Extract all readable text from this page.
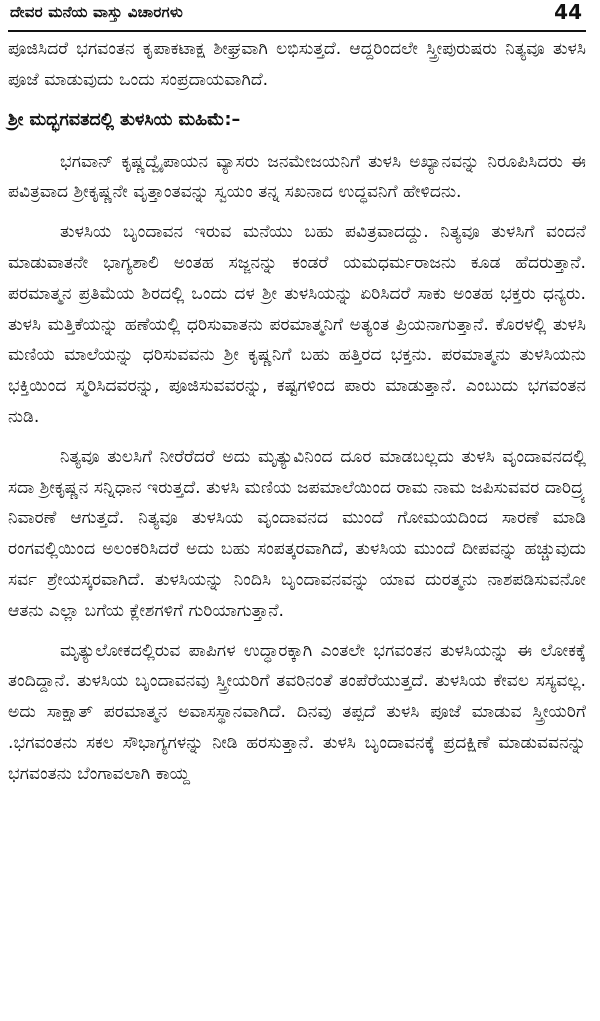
ದೇವರ ಮನೆಯ ವಾಸ್ತು ವಿಚಾರಗಳು	44

ಪೂಜಿಸಿದರೆ ಭಗವಂತನ ಕೃಪಾಕಟಾಕ್ಷ ಶೀಘ್ರವಾಗಿ ಲಭಿಸುತ್ತದೆ. ಆದ್ದರಿಂದಲೇ ಸ್ತ್ರೀಪುರುಷರು ನಿತ್ಯವೂ ತುಳಸಿ ಪೂಜೆ ಮಾಡುವುದು ಒಂದು ಸಂಪ್ರದಾಯವಾಗಿದೆ.

ಶ್ರೀ ಮದ್ಭಗವತದಲ್ಲಿ ತುಳಸಿಯ ಮಹಿಮೆ:–

ಭಗವಾನ್ ಕೃಷ್ಣದ್ವೈಪಾಯನ ವ್ಯಾಸರು ಜನಮೇಜಯನಿಗೆ ತುಳಸಿ ಅಖ್ಯಾನವನ್ನು ನಿರೂಪಿಸಿದರು ಈ ಪವಿತ್ರವಾದ ಶ್ರೀಕೃಷ್ಣನೇ ವೃತ್ತಾಂತವನ್ನು ಸ್ವಯಂ ತನ್ನ ಸಖನಾದ ಉದ್ಧವನಿಗೆ ಹೇಳಿದನು.

ತುಳಸಿಯ ಬೃಂದಾವನ ಇರುವ ಮನೆಯು ಬಹು ಪವಿತ್ರವಾದದ್ದು. ನಿತ್ಯವೂ ತುಳಸಿಗೆ ವಂದನೆ ಮಾಡುವಾತನೇ ಭಾಗ್ಯಶಾಲಿ ಅಂತಹ ಸಜ್ಜನನ್ನು ಕಂಡರೆ ಯಮಧರ್ಮರಾಜನು ಕೂಡ ಹೆದರುತ್ತಾನೆ. ಪರಮಾತ್ಮನ ಪ್ರತಿಮೆಯ ಶಿರದಲ್ಲಿ ಒಂದು ದಳ ಶ್ರೀ ತುಳಸಿಯನ್ನು ಏರಿಸಿದರೆ ಸಾಕು ಅಂತಹ ಭಕ್ತರು ಧನ್ಯರು. ತುಳಸಿ ಮತ್ತಿಕೆಯನ್ನು ಹಣೆಯಲ್ಲಿ ಧರಿಸುವಾತನು ಪರಮಾತ್ಮನಿಗೆ ಅತ್ಯಂತ ಪ್ರಿಯನಾಗುತ್ತಾನೆ. ಕೊರಳಲ್ಲಿ ತುಳಸಿ ಮಣಿಯ ಮಾಲೆಯನ್ನು ಧರಿಸುವವನು ಶ್ರೀ ಕೃಷ್ಣನಿಗೆ ಬಹು ಹತ್ತಿರದ ಭಕ್ತನು. ಪರಮಾತ್ಮನು ತುಳಸಿಯನು ಭಕ್ತಿಯಿಂದ ಸ್ಮರಿಸಿದವರನ್ನು, ಪೂಜಿಸುವವರನ್ನು, ಕಷ್ಟಗಳಿಂದ ಪಾರು ಮಾಡುತ್ತಾನೆ. ಎಂಬುದು ಭಗವಂತನ ನುಡಿ.

ನಿತ್ಯವೂ ತುಲಸಿಗೆ ನೀರೆರೆದರೆ ಅದು ಮೃತ್ಯುವಿನಿಂದ ದೂರ ಮಾಡಬಲ್ಲದು ತುಳಸಿ ವೃಂದಾವನದಲ್ಲಿ ಸದಾ ಶ್ರೀಕೃಷ್ಣನ ಸನ್ನಿಧಾನ ಇರುತ್ತದೆ. ತುಳಸಿ ಮಣಿಯ ಜಪಮಾಲೆಯಿಂದ ರಾಮ ನಾಮ ಜಪಿಸುವವರ ದಾರಿದ್ರ್ಯ ನಿವಾರಣೆ ಆಗುತ್ತದೆ. ನಿತ್ಯವೂ ತುಳಸಿಯ ವೃಂದಾವನದ ಮುಂದೆ ಗೋಮಯದಿಂದ ಸಾರಣೆ ಮಾಡಿ ರಂಗವಲ್ಲಿಯಿಂದ ಅಲಂಕರಿಸಿದರೆ ಅದು ಬಹು ಸಂಪತ್ಕರವಾಗಿದೆ, ತುಳಸಿಯ ಮುಂದೆ ದೀಪವನ್ನು ಹಚ್ಚುವುದು ಸರ್ವ ಶ್ರೇಯಸ್ಕರವಾಗಿದೆ. ತುಳಸಿಯನ್ನು ನಿಂದಿಸಿ ಬೃಂದಾವನವನ್ನು ಯಾವ ದುರತ್ಮನು ನಾಶಪಡಿಸುವನೋ ಆತನು ಎಲ್ಲಾ ಬಗೆಯ ಕ್ಲೇಶಗಳಿಗೆ ಗುರಿಯಾಗುತ್ತಾನೆ.

ಮೃತ್ಯುಲೋಕದಲ್ಲಿರುವ ಪಾಪಿಗಳ ಉದ್ಧಾರಕ್ಕಾಗಿ ಎಂತಲೇ ಭಗವಂತನ ತುಳಸಿಯನ್ನು ಈ ಲೋಕಕ್ಕೆ ತಂದಿದ್ದಾನೆ. ತುಳಸಿಯ ಬೃಂದಾವನವು ಸ್ತ್ರೀಯರಿಗೆ ತವರಿನಂತೆ ತಂಪೆರೆಯುತ್ತದೆ. ತುಳಸಿಯ ಕೇವಲ ಸಸ್ಯವಲ್ಲ. ಅದು ಸಾಕ್ಷಾತ್ ಪರಮಾತ್ಮನ ಅವಾಸಸ್ಥಾನವಾಗಿದೆ. ದಿನವು ತಪ್ಪದೆ ತುಳಸಿ ಪೂಜೆ ಮಾಡುವ ಸ್ತ್ರೀಯರಿಗೆ .ಭಗವಂತನು ಸಕಲ ಸೌಭಾಗ್ಯಗಳನ್ನು ನೀಡಿ ಹರಸುತ್ತಾನೆ. ತುಳಸಿ ಬೃಂದಾವನಕ್ಕೆ ಪ್ರದಕ್ಷಿಣೆ ಮಾಡುವವನನ್ನು ಭಗವಂತನು ಬೆಂಗಾವಲಾಗಿ ಕಾಯ್ದ
